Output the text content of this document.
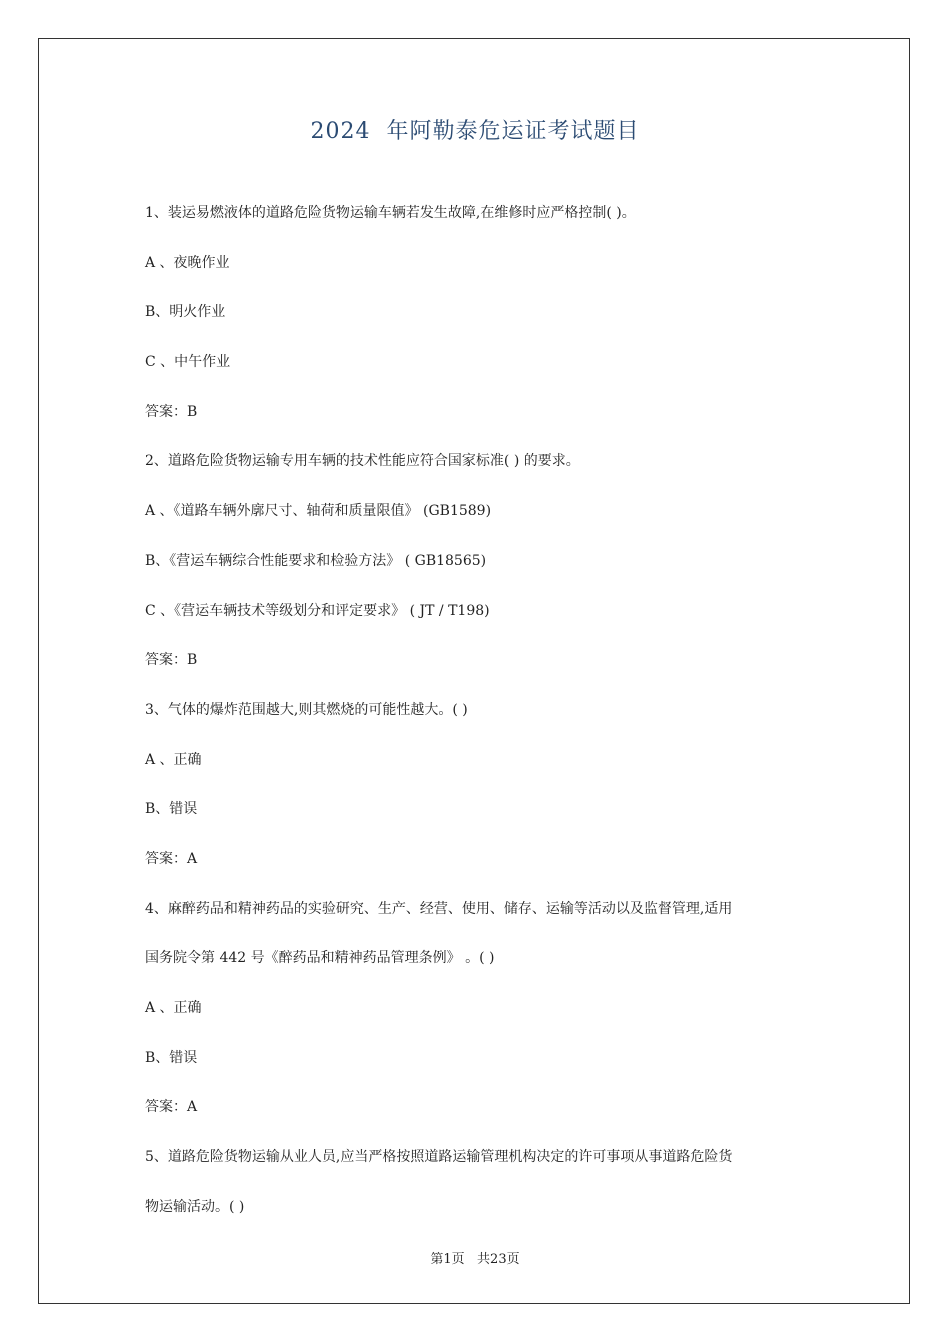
2024  年阿勒泰危运证考试题目
1、装运易燃液体的道路危险货物运输车辆若发生故障,在维修时应严格控制( )。
A 、夜晚作业
B、明火作业
C 、中午作业
答案：B
2、道路危险货物运输专用车辆的技术性能应符合国家标准( ) 的要求。
A 、《道路车辆外廓尺寸、轴荷和质量限值》 (GB1589)
B、《营运车辆综合性能要求和检验方法》 ( GB18565)
C 、《营运车辆技术等级划分和评定要求》 ( JT / T198)
答案：B
3、气体的爆炸范围越大,则其燃烧的可能性越大。( )
A 、正确
B、错误
答案：A
4、麻醉药品和精神药品的实验研究、生产、经营、使用、储存、运输等活动以及监督管理,适用
国务院令第 442 号《醉药品和精神药品管理条例》 。( )
A 、正确
B、错误
答案：A
5、道路危险货物运输从业人员,应当严格按照道路运输管理机构决定的许可事项从事道路危险货
物运输活动。( )
第1页   共23页
